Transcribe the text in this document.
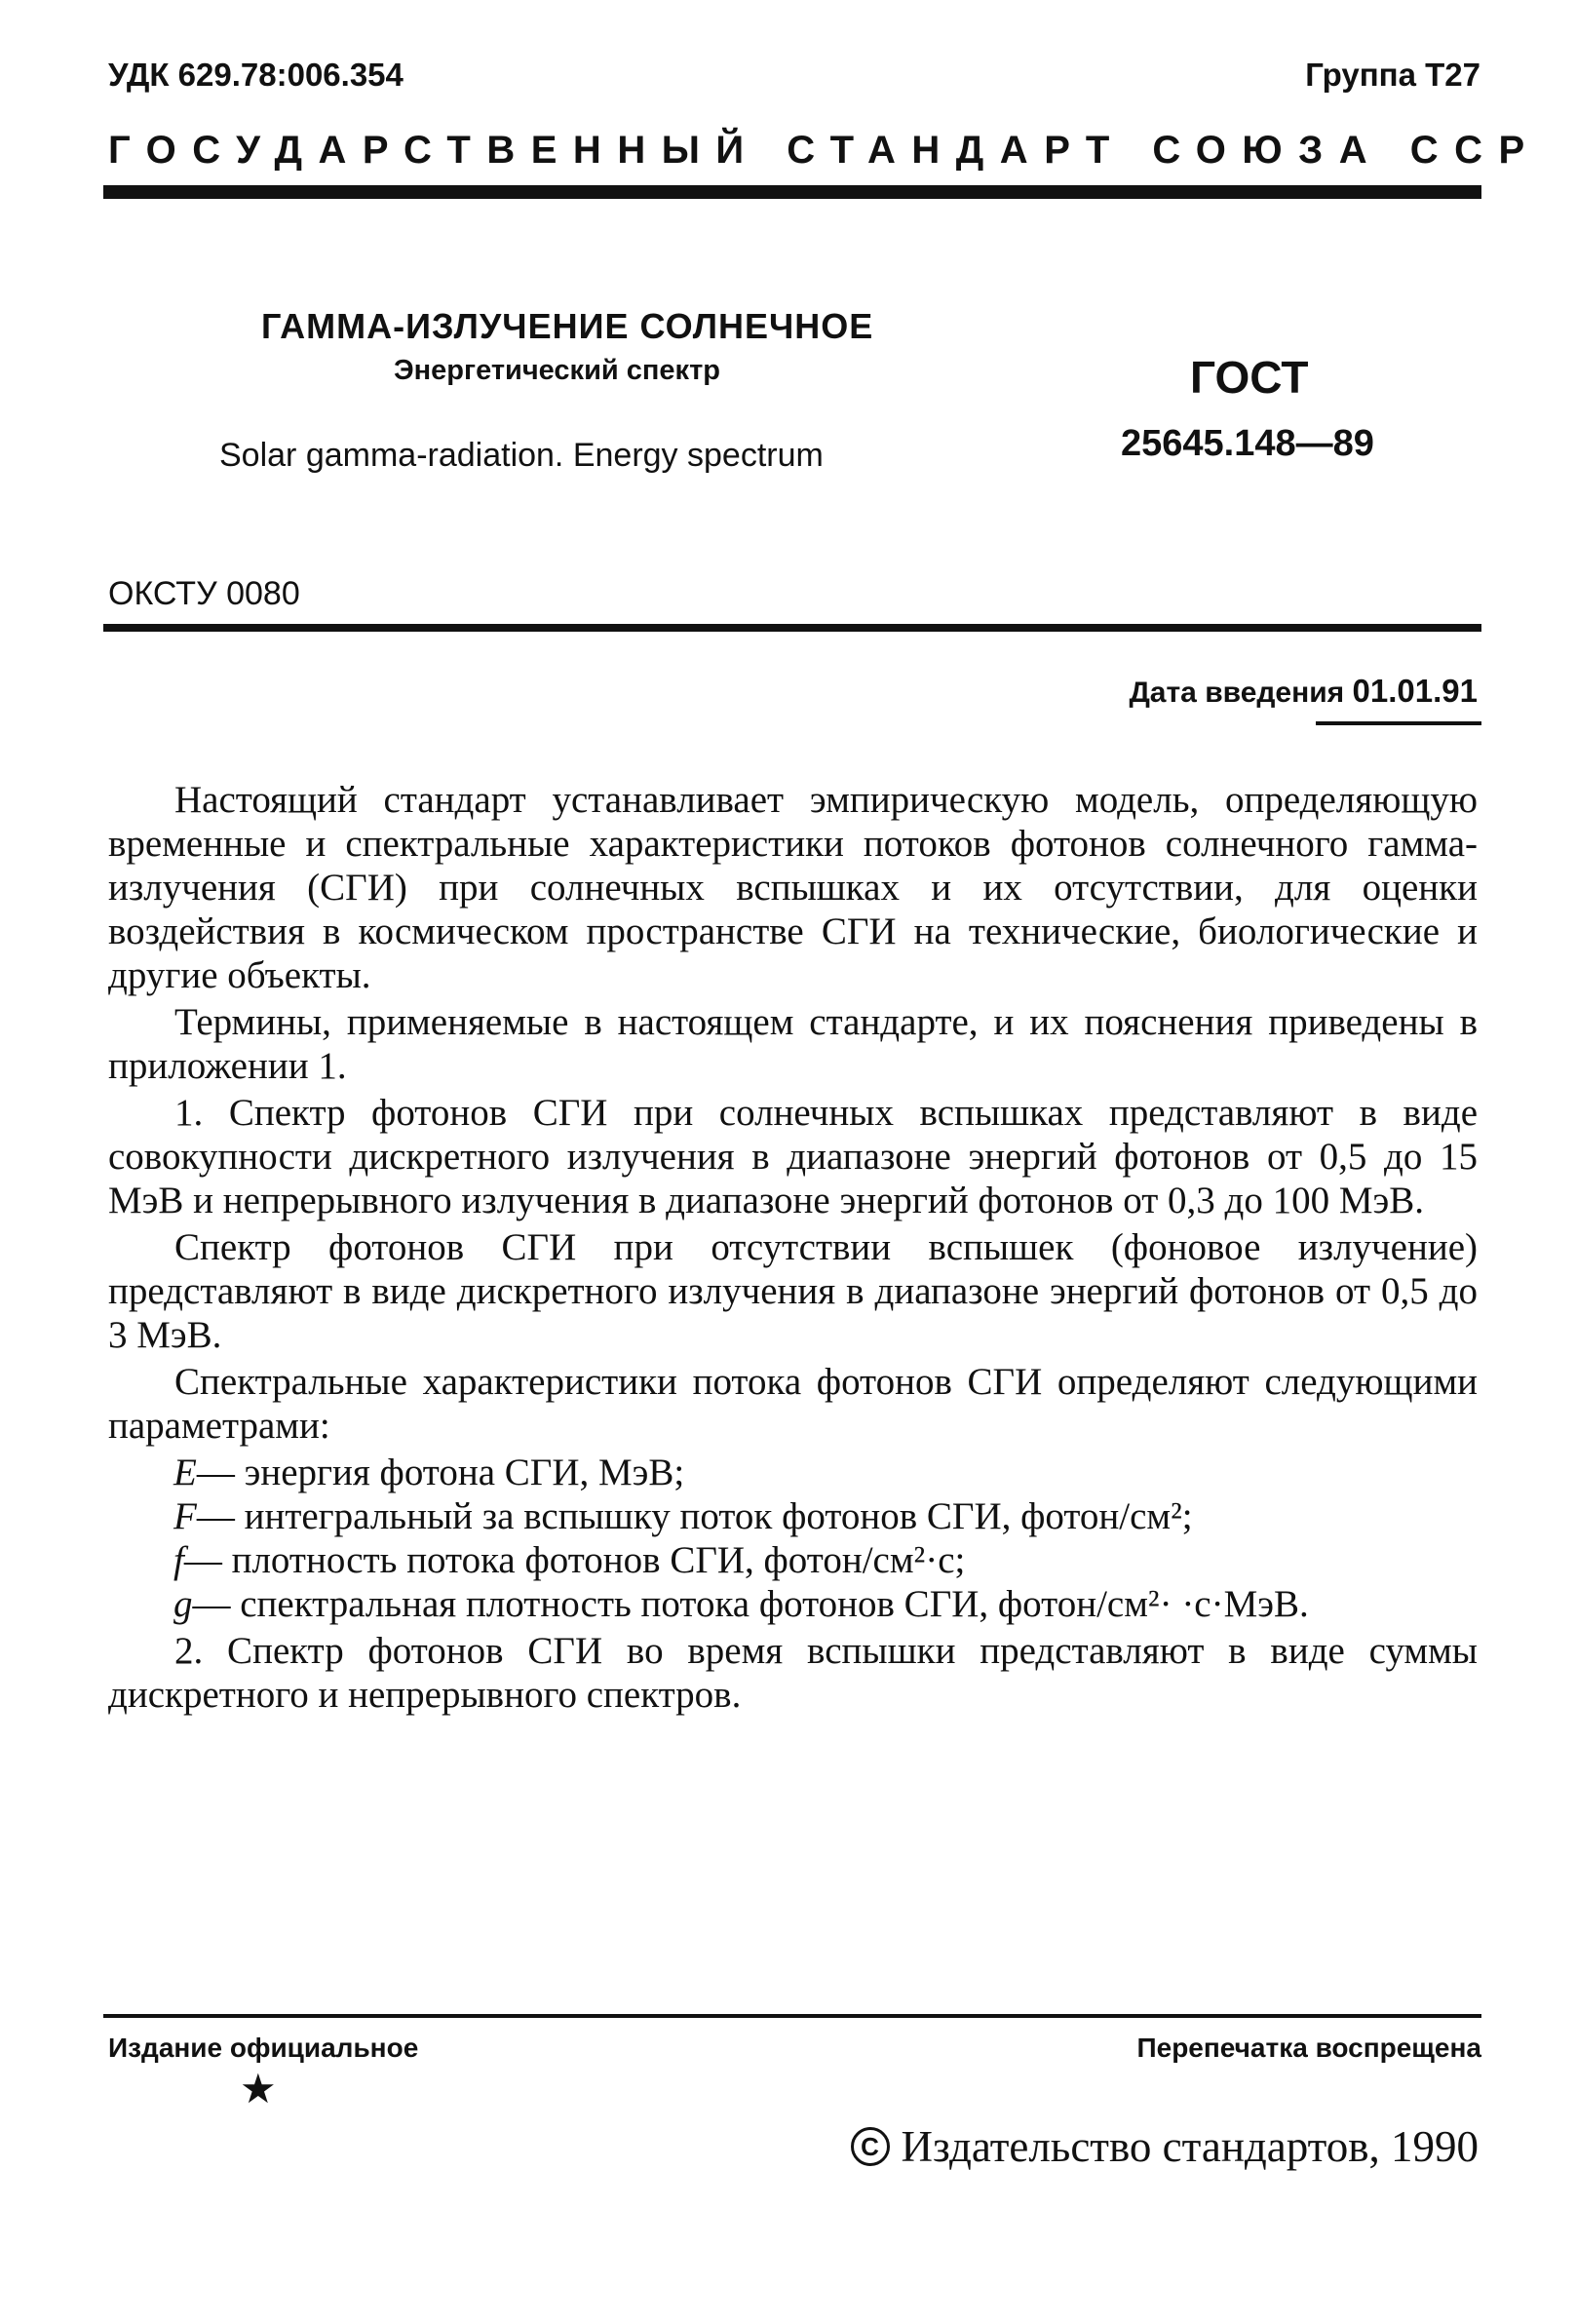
УДК 629.78:006.354	Группа Т27
ГОСУДАРСТВЕННЫЙ СТАНДАРТ СОЮЗА ССР
ГАММА-ИЗЛУЧЕНИЕ СОЛНЕЧНОЕ
Энергетический спектр
Solar gamma-radiation. Energy spectrum
ГОСТ
25645.148—89
ОКСТУ 0080
Дата введения 01.01.91

Настоящий стандарт устанавливает эмпирическую модель, определяющую временные и спектральные характеристики потоков фотонов солнечного гамма-излучения (СГИ) при солнечных вспышках и их отсутствии, для оценки воздействия в космическом пространстве СГИ на технические, биологические и другие объекты.

Термины, применяемые в настоящем стандарте, и их пояснения приведены в приложении 1.

1. Спектр фотонов СГИ при солнечных вспышках представляют в виде совокупности дискретного излучения в диапазоне энергий фотонов от 0,5 до 15 МэВ и непрерывного излучения в диапазоне энергий фотонов от 0,3 до 100 МэВ.

Спектр фотонов СГИ при отсутствии вспышек (фоновое излучение) представляют в виде дискретного излучения в диапазоне энергий фотонов от 0,5 до 3 МэВ.

Спектральные характеристики потока фотонов СГИ определяют следующими параметрами:

E— энергия фотона СГИ, МэВ;

F— интегральный за вспышку поток фотонов СГИ, фотон/см²;

f— плотность потока фотонов СГИ, фотон/см²·с;

g— спектральная плотность потока фотонов СГИ, фотон/см²· ·с·МэВ.

2. Спектр фотонов СГИ во время вспышки представляют в виде суммы дискретного и непрерывного спектров.

Издание официальное	Перепечатка воспрещена
★
C Издательство стандартов, 1990
